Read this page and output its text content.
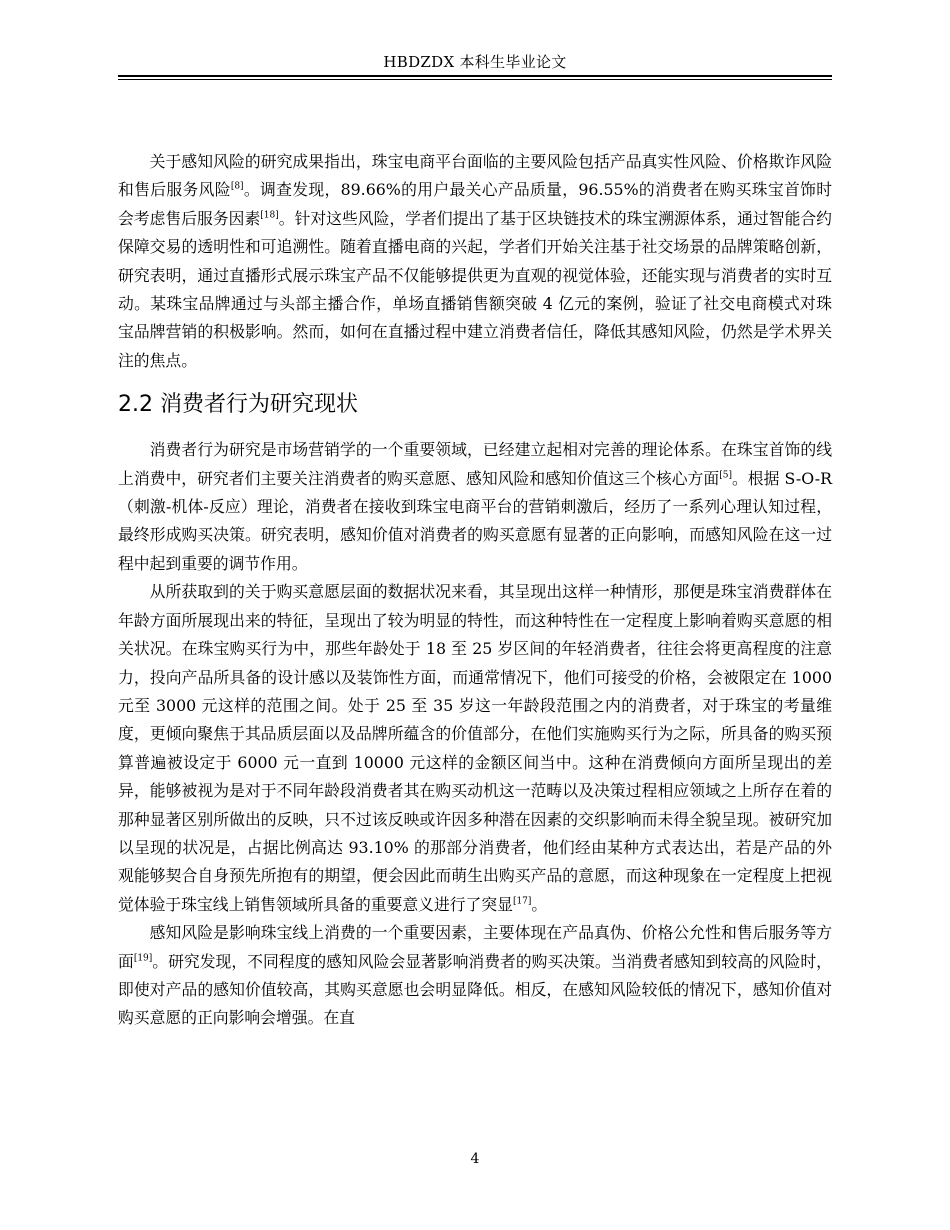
HBDZDX 本科生毕业论文

关于感知风险的研究成果指出，珠宝电商平台面临的主要风险包括产品真实性风险、价格欺诈风险和售后服务风险[8]。调查发现，89.66%的用户最关心产品质量，96.55%的消费者在购买珠宝首饰时会考虑售后服务因素[18]。针对这些风险，学者们提出了基于区块链技术的珠宝溯源体系，通过智能合约保障交易的透明性和可追溯性。随着直播电商的兴起，学者们开始关注基于社交场景的品牌策略创新，研究表明，通过直播形式展示珠宝产品不仅能够提供更为直观的视觉体验，还能实现与消费者的实时互动。某珠宝品牌通过与头部主播合作，单场直播销售额突破 4 亿元的案例，验证了社交电商模式对珠宝品牌营销的积极影响。然而，如何在直播过程中建立消费者信任，降低其感知风险，仍然是学术界关注的焦点。

2.2 消费者行为研究现状

消费者行为研究是市场营销学的一个重要领域，已经建立起相对完善的理论体系。在珠宝首饰的线上消费中，研究者们主要关注消费者的购买意愿、感知风险和感知价值这三个核心方面[5]。根据 S-O-R（刺激-机体-反应）理论，消费者在接收到珠宝电商平台的营销刺激后，经历了一系列心理认知过程，最终形成购买决策。研究表明，感知价值对消费者的购买意愿有显著的正向影响，而感知风险在这一过程中起到重要的调节作用。

从所获取到的关于购买意愿层面的数据状况来看，其呈现出这样一种情形，那便是珠宝消费群体在年龄方面所展现出来的特征，呈现出了较为明显的特性，而这种特性在一定程度上影响着购买意愿的相关状况。在珠宝购买行为中，那些年龄处于 18 至 25 岁区间的年轻消费者，往往会将更高程度的注意力，投向产品所具备的设计感以及装饰性方面，而通常情况下，他们可接受的价格，会被限定在 1000 元至 3000 元这样的范围之间。处于 25 至 35 岁这一年龄段范围之内的消费者，对于珠宝的考量维度，更倾向聚焦于其品质层面以及品牌所蕴含的价值部分，在他们实施购买行为之际，所具备的购买预算普遍被设定于 6000 元一直到 10000 元这样的金额区间当中。这种在消费倾向方面所呈现出的差异，能够被视为是对于不同年龄段消费者其在购买动机这一范畴以及决策过程相应领域之上所存在着的那种显著区别所做出的反映，只不过该反映或许因多种潜在因素的交织影响而未得全貌呈现。被研究加以呈现的状况是，占据比例高达 93.10% 的那部分消费者，他们经由某种方式表达出，若是产品的外观能够契合自身预先所抱有的期望，便会因此而萌生出购买产品的意愿，而这种现象在一定程度上把视觉体验于珠宝线上销售领域所具备的重要意义进行了突显[17]。

感知风险是影响珠宝线上消费的一个重要因素，主要体现在产品真伪、价格公允性和售后服务等方面[19]。研究发现，不同程度的感知风险会显著影响消费者的购买决策。当消费者感知到较高的风险时，即使对产品的感知价值较高，其购买意愿也会明显降低。相反，在感知风险较低的情况下，感知价值对购买意愿的正向影响会增强。在直

4
